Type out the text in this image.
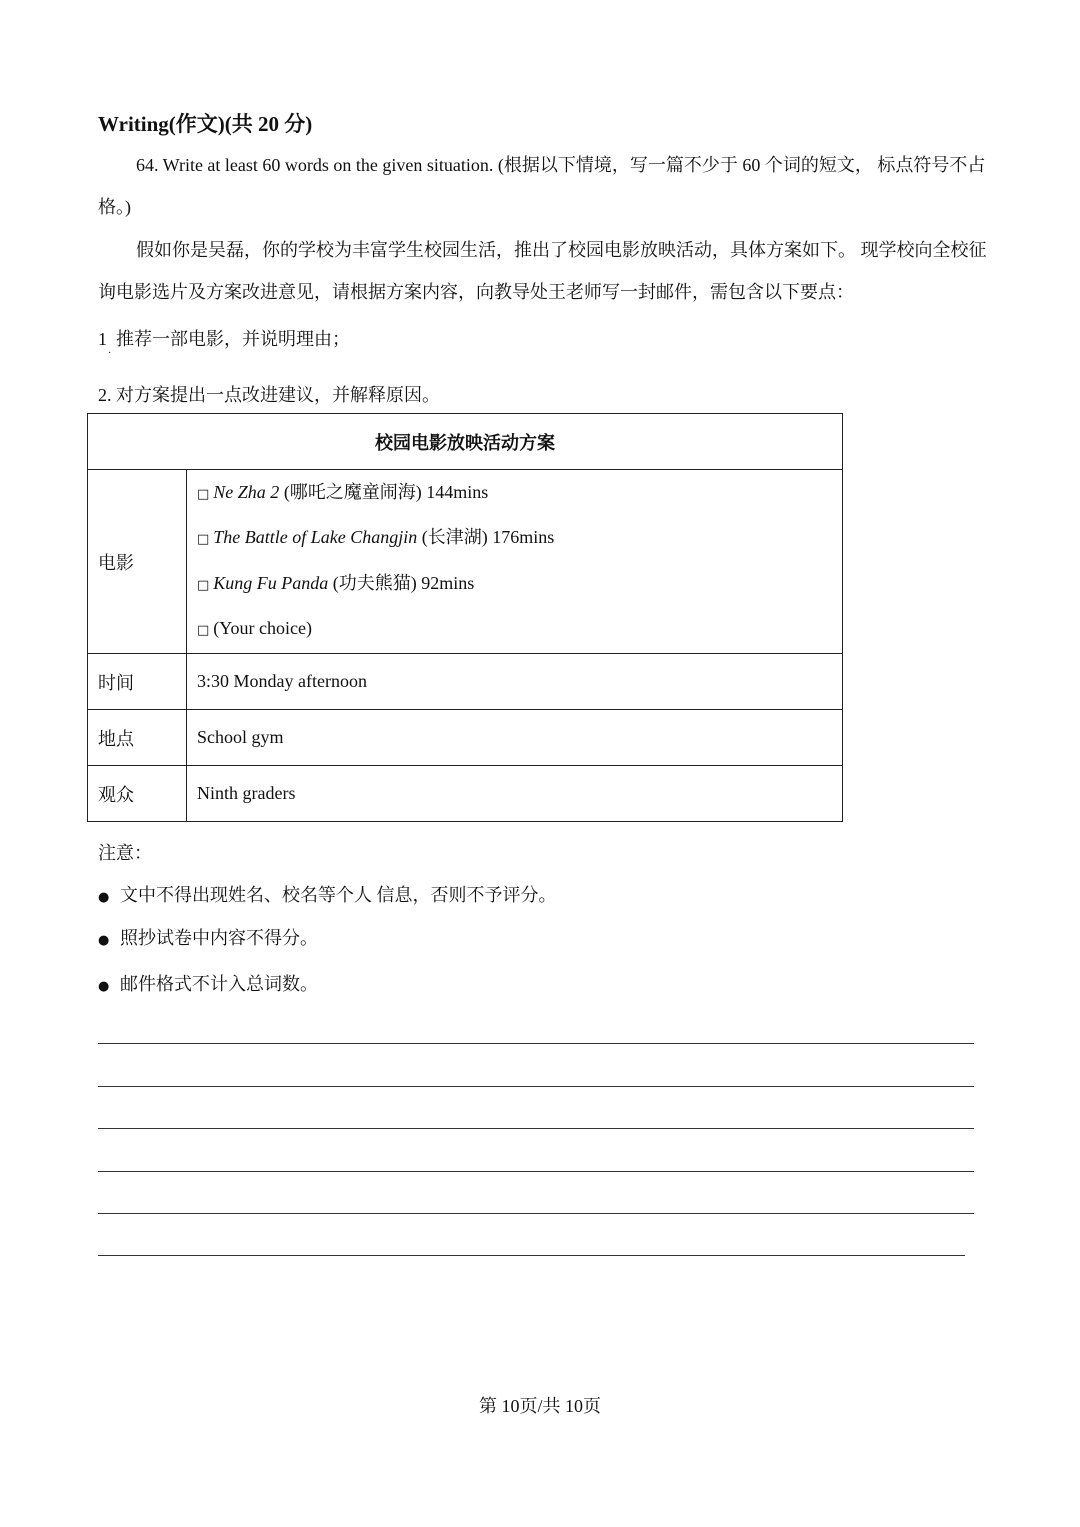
Writing(作文)(共 20 分)
64. Write at least 60 words on the given situation. (根据以下情境，写一篇不少于 60 个词的短文， 标点符号不占格。)
假如你是吴磊，你的学校为丰富学生校园生活，推出了校园电影放映活动，具体方案如下。 现学校向全校征询电影选片及方案改进意见，请根据方案内容，向教导处王老师写一封邮件，需包含以下要点：
1 推荐一部电影，并说明理由；
·
2. 对方案提出一点改进建议，并解释原因。
校园电影放映活动方案	
电影	□ Ne Zha 2 (哪吒之魔童闹海) 144mins
□ The Battle of Lake Changjin (长津湖) 176mins
□ Kung Fu Panda (功夫熊猫) 92mins
□ (Your choice)

时间	3:30 Monday afternoon
地点	School gym
观众	Ninth graders
注意：
● 文中不得出现姓名、校名等个人 信息，否则不予评分。
● 照抄试卷中内容不得分。
● 邮件格式不计入总词数。
第 10页/共 10页
